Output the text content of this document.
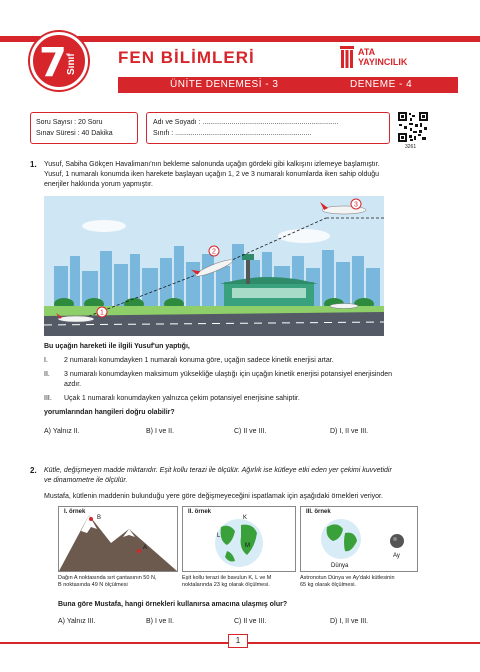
7 Sınıf FEN BİLİMLERİ	ATA
YAYINCILIK
ÜNİTE DENEMESİ - 3	DENEME - 4
Soru Sayısı : 20 Soru
Sınav Süresi : 40 Dakika
Adı ve Soyadı : ......................................................................
Sınıfı : ......................................................................
3261
1. Yusuf, Sabiha Gökçen Havalimanı'nın bekleme salonunda uçağın gördeki gibi kalkışını izlemeye başlamıştır.
Yusuf, 1 numaralı konumda iken harekete başlayan uçağın 1, 2 ve 3 numaralı konumlarda iken sahip olduğu
enerjiler hakkında yorum yapmıştır.
1
2
3
Bu uçağın hareketi ile ilgili Yusuf'un yaptığı,
I.	2 numaralı konumdayken 1 numaralı konuma göre, uçağın sadece kinetik enerjisi artar.
II.	3 numaralı konumdayken maksimum yüksekliğe ulaştığı için uçağın kinetik enerjisi potansiyel enerjisinden
azdır.
III.	Uçak 1 numaralı konumdayken yalnızca çekim potansiyel enerjisine sahiptir.
yorumlarından hangileri doğru olabilir?
A) Yalnız II.	B) I ve II.	C) II ve III.	D) I, II ve III.
2. Kütle, değişmeyen madde miktarıdır. Eşit kollu terazi ile ölçülür. Ağırlık ise kütleye etki eden yer çekimi kuvvetidir
ve dinamometre ile ölçülür.
Mustafa, kütlenin maddenin bulunduğu yere göre değişmeyeceğini ispatlamak için aşağıdaki örnekleri veriyor.
B
A
I. örnek
Dağın A noktasında sırt çantasının 50 N,
B noktasında 49 N ölçülmesi
K
L
M
II. örnek
Eşit kollu terazi ile bavulun K, L ve M
noktalarında 23 kg olarak ölçülmesi.
Dünya
Ay
III. örnek
Astronotun Dünya ve Ay'daki kütlesinin
65 kg olarak ölçülmesi.
Buna göre Mustafa, hangi örnekleri kullanırsa amacına ulaşmış olur?
A) Yalnız III.	B) I ve II.	C) II ve III.	D) I, II ve III.
1
